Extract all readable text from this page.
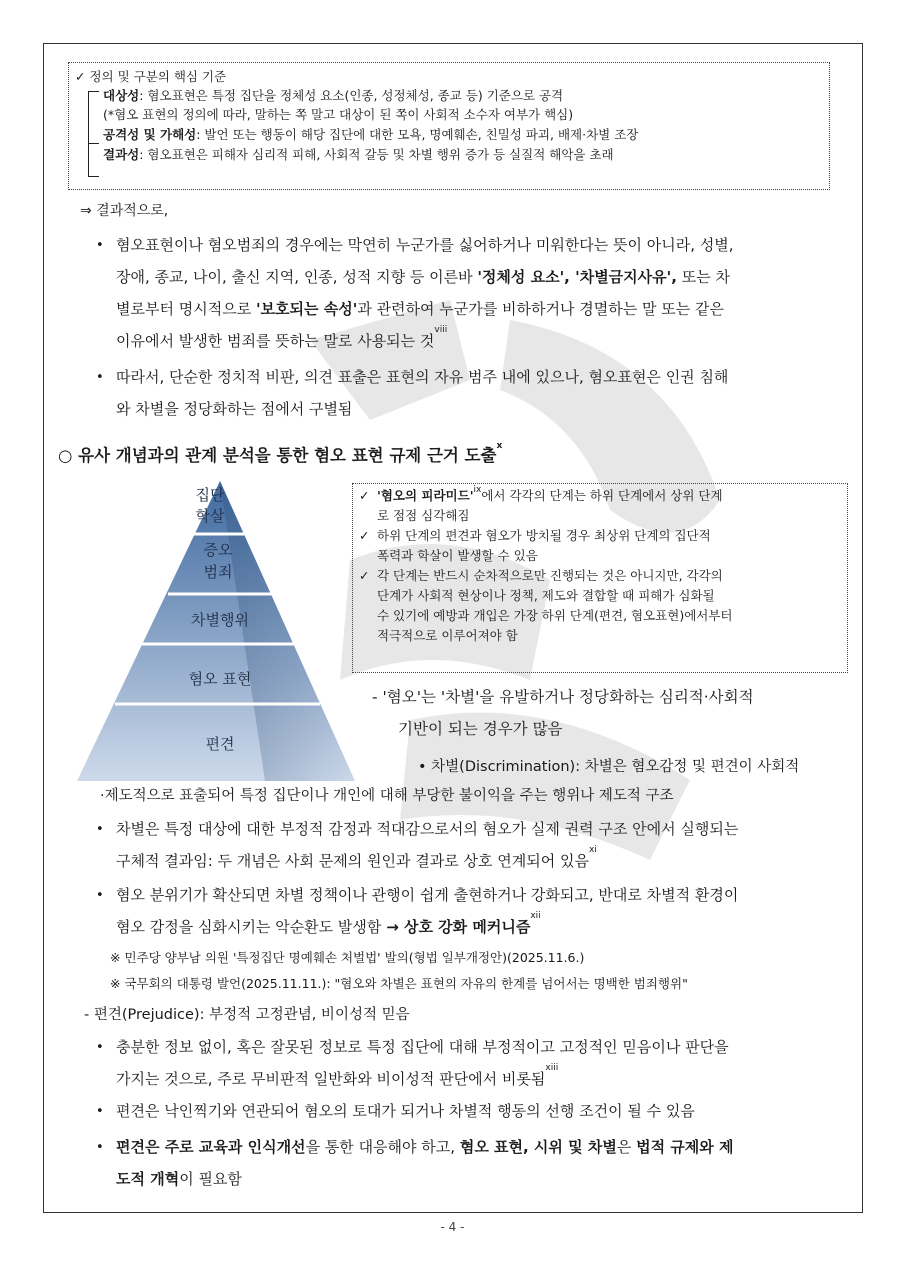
✓ 정의 및 구분의 핵심 기준
대상성: 혐오표현은 특정 집단을 정체성 요소(인종, 성정체성, 종교 등) 기준으로 공격
(*혐오 표현의 정의에 따라, 말하는 쪽 말고 대상이 된 쪽이 사회적 소수자 여부가 핵심)
공격성 및 가해성: 발언 또는 행동이 해당 집단에 대한 모욕, 명예훼손, 친밀성 파괴, 배제·차별 조장
결과성: 혐오표현은 피해자 심리적 피해, 사회적 갈등 및 차별 행위 증가 등 실질적 해악을 초래
⇒ 결과적으로,
• 혐오표현이나 혐오범죄의 경우에는 막연히 누군가를 싫어하거나 미워한다는 뜻이 아니라, 성별,
장애, 종교, 나이, 출신 지역, 인종, 성적 지향 등 이른바 '정체성 요소', '차별금지사유', 또는 차
별로부터 명시적으로 '보호되는 속성'과 관련하여 누군가를 비하하거나 경멸하는 말 또는 같은
이유에서 발생한 범죄를 뜻하는 말로 사용되는 것$^{viii}$
• 따라서, 단순한 정치적 비판, 의견 표출은 표현의 자유 범주 내에 있으나, 혐오표현은 인권 침해
와 차별을 정당화하는 점에서 구별됨
○ 유사 개념과의 관계 분석을 통한 혐오 표현 규제 근거 도출$^x$
집단
학살
증오
범죄
차별행위
혐오 표현
편견
✓ '혐오의 피라미드'$^{ix}$에서 각각의 단계는 하위 단계에서 상위 단계
로 점점 심각해짐
✓ 하위 단계의 편견과 혐오가 방치될 경우 최상위 단계의 집단적
폭력과 학살이 발생할 수 있음
✓ 각 단계는 반드시 순차적으로만 진행되는 것은 아니지만, 각각의
단계가 사회적 현상이나 정책, 제도와 결합할 때 피해가 심화될
수 있기에 예방과 개입은 가장 하위 단계(편견, 혐오표현)에서부터
적극적으로 이루어져야 함
- '혐오'는 '차별'을 유발하거나 정당화하는 심리적·사회적
기반이 되는 경우가 많음
• 차별(Discrimination): 차별은 혐오감정 및 편견이 사회적
·제도적으로 표출되어 특정 집단이나 개인에 대해 부당한 불이익을 주는 행위나 제도적 구조
• 차별은 특정 대상에 대한 부정적 감정과 적대감으로서의 혐오가 실제 권력 구조 안에서 실행되는
구체적 결과임: 두 개념은 사회 문제의 원인과 결과로 상호 연계되어 있음$^{xi}$
• 혐오 분위기가 확산되면 차별 정책이나 관행이 쉽게 출현하거나 강화되고, 반대로 차별적 환경이
혐오 감정을 심화시키는 악순환도 발생함 → 상호 강화 메커니즘$^{xii}$
※ 민주당 양부남 의원 '특정집단 명예훼손 처벌법' 발의(형법 일부개정안)(2025.11.6.)
※ 국무회의 대통령 발언(2025.11.11.): "혐오와 차별은 표현의 자유의 한계를 넘어서는 명백한 범죄행위"
- 편견(Prejudice): 부정적 고정관념, 비이성적 믿음
• 충분한 정보 없이, 혹은 잘못된 정보로 특정 집단에 대해 부정적이고 고정적인 믿음이나 판단을
가지는 것으로, 주로 무비판적 일반화와 비이성적 판단에서 비롯됨$^{xiii}$
• 편견은 낙인찍기와 연관되어 혐오의 토대가 되거나 차별적 행동의 선행 조건이 될 수 있음
• 편견은 주로 교육과 인식개선을 통한 대응해야 하고, 혐오 표현, 시위 및 차별은 법적 규제와 제
도적 개혁이 필요함
- 4 -
